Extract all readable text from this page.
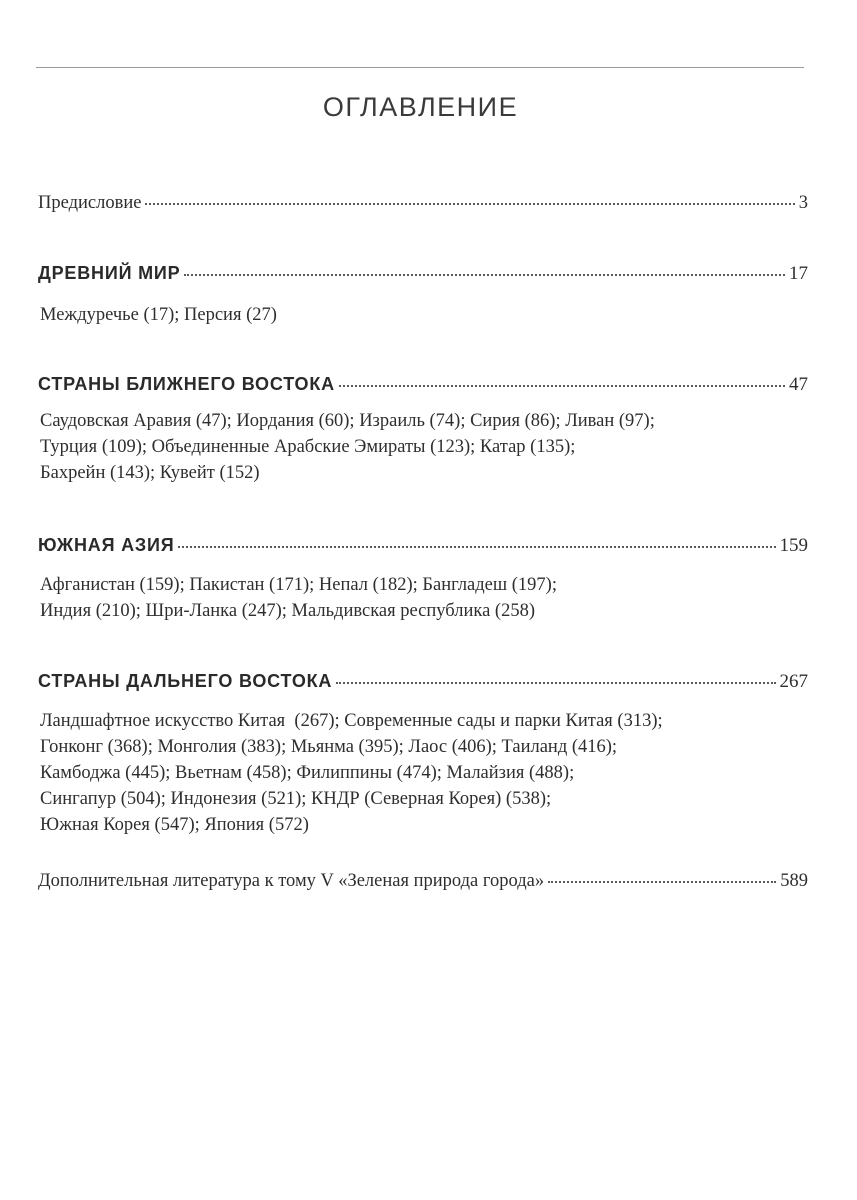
ОГЛАВЛЕНИЕ
Предисловие	3
ДРЕВНИЙ МИР	17

Междуречье (17); Персия (27)

СТРАНЫ БЛИЖНЕГО ВОСТОКА	47

Саудовская Аравия (47); Иордания (60); Израиль (74); Сирия (86); Ливан (97);
Турция (109); Объединенные Арабские Эмираты (123); Катар (135);
Бахрейн (143); Кувейт (152)

ЮЖНАЯ АЗИЯ	159

Афганистан (159); Пакистан (171); Непал (182); Бангладеш (197);
Индия (210); Шри-Ланка (247); Мальдивская республика (258)

СТРАНЫ ДАЛЬНЕГО ВОСТОКА	267

Ландшафтное искусство Китая  (267); Современные сады и парки Китая (313);
Гонконг (368); Монголия (383); Мьянма (395); Лаос (406); Таиланд (416);
Камбоджа (445); Вьетнам (458); Филиппины (474); Малайзия (488);
Сингапур (504); Индонезия (521); КНДР (Северная Корея) (538);
Южная Корея (547); Япония (572)

Дополнительная литература к тому V «Зеленая природа города»	589
